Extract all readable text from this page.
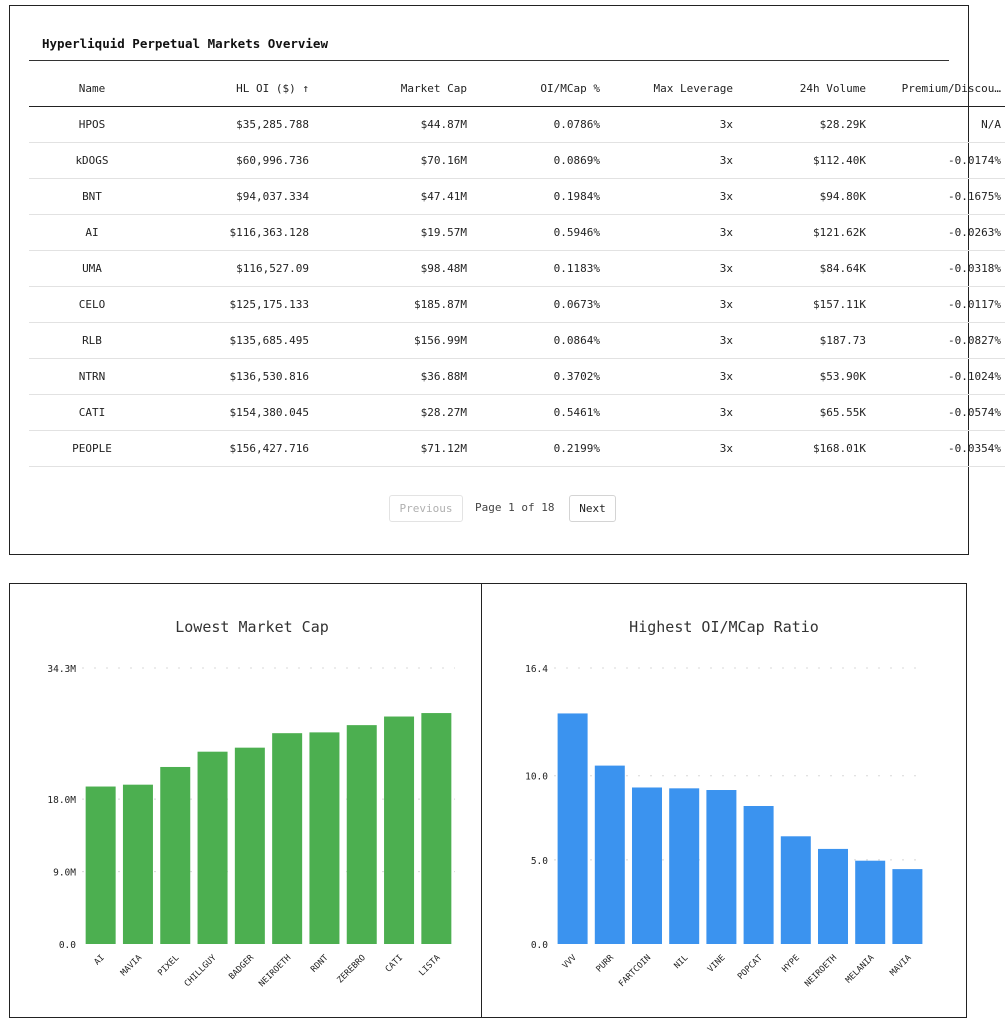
Hyperliquid Perpetual Markets Overview
Name	HL OI ($) ↑	Market Cap	OI/MCap %	Max Leverage	24h Volume	Premium/Discou…
HPOS	$35,285.788	$44.87M	0.0786%	3x	$28.29K	N/A
kDOGS	$60,996.736	$70.16M	0.0869%	3x	$112.40K	-0.0174%
BNT	$94,037.334	$47.41M	0.1984%	3x	$94.80K	-0.1675%
AI	$116,363.128	$19.57M	0.5946%	3x	$121.62K	-0.0263%
UMA	$116,527.09	$98.48M	0.1183%	3x	$84.64K	-0.0318%
CELO	$125,175.133	$185.87M	0.0673%	3x	$157.11K	-0.0117%
RLB	$135,685.495	$156.99M	0.0864%	3x	$187.73	-0.0827%
NTRN	$136,530.816	$36.88M	0.3702%	3x	$53.90K	-0.1024%
CATI	$154,380.045	$28.27M	0.5461%	3x	$65.55K	-0.0574%
PEOPLE	$156,427.716	$71.12M	0.2199%	3x	$168.01K	-0.0354%
Previous	Page 1 of 18	Next
Lowest Market Cap
0.0
9.0M
18.0M
34.3M
AI MAVIA PIXEL CHILLGUY BADGER NEIROETH RDNT ZEREBRO CATI LISTA
Highest OI/MCap Ratio
0.0
5.0
10.0
16.4
VVV PURR FARTCOIN NIL VINE POPCAT HYPE NEIROETH MELANIA MAVIA
